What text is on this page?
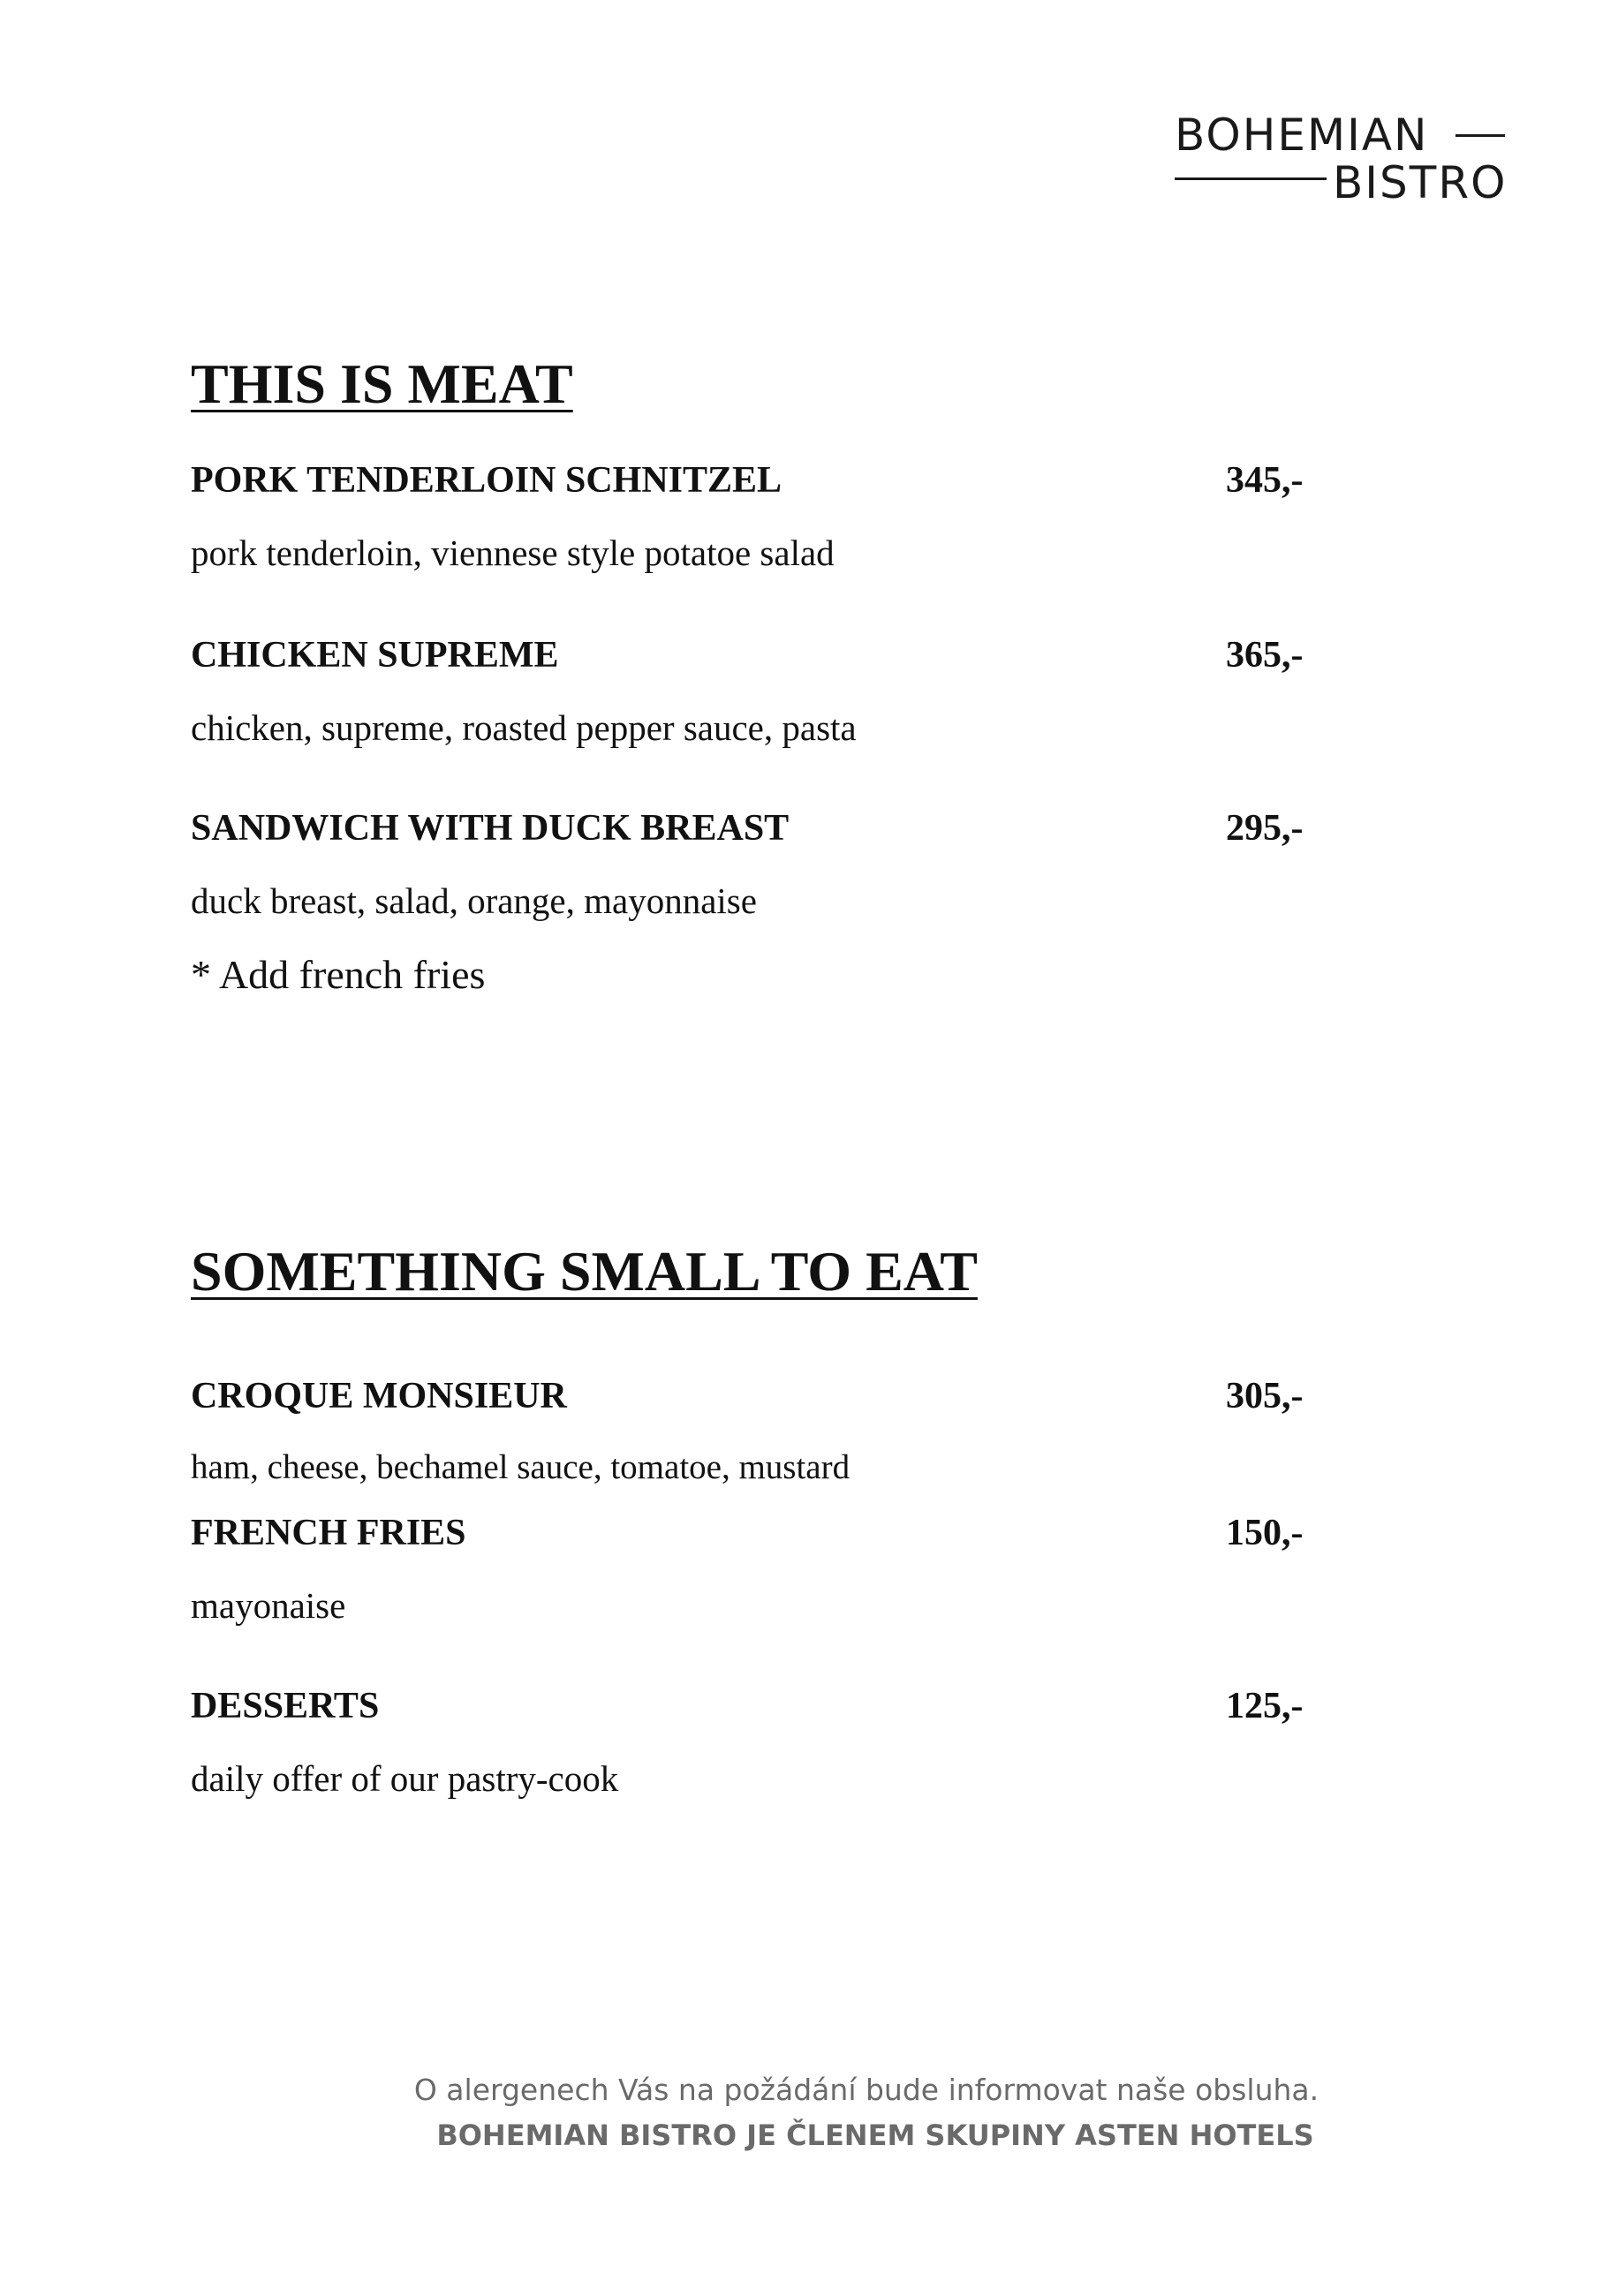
BOHEMIAN
BISTRO
THIS IS MEAT
PORK TENDERLOIN SCHNITZEL	345,-
pork tenderloin, viennese style potatoe salad
CHICKEN SUPREME	365,-
chicken, supreme, roasted pepper sauce, pasta
SANDWICH WITH DUCK BREAST	295,-
duck breast, salad, orange, mayonnaise
* Add french fries
SOMETHING SMALL TO EAT
CROQUE MONSIEUR	305,-
ham, cheese, bechamel sauce, tomatoe, mustard
FRENCH FRIES	150,-
mayonaise
DESSERTS	125,-
daily offer of our pastry-cook
O alergenech Vás na požádání bude informovat naše obsluha.
BOHEMIAN BISTRO JE ČLENEM SKUPINY ASTEN HOTELS
